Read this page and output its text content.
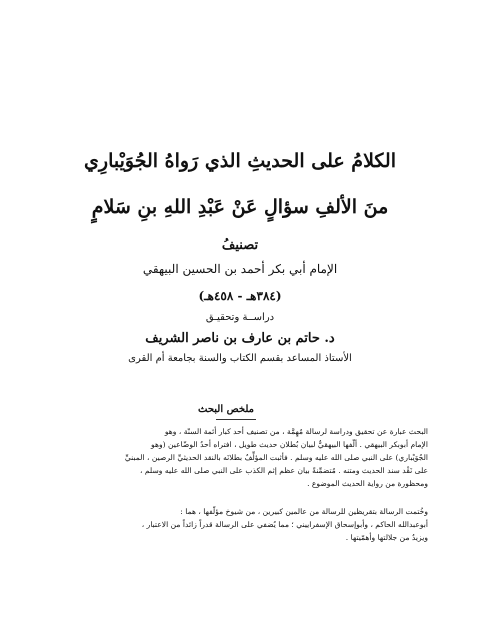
الكلامُ على الحديثِ الذي رَواهُ الجُوَيْبارِي
منَ الألفِ سؤالٍ عَنْ عَبْدِ اللهِ بنِ سَلامٍ
تصنيفُ
الإمام أبي بكر أحمد بن الحسين البيهقي
(٣٨٤هـ - ٤٥٨هـ)
دراســة وتحقيـق
د. حاتم بن عارف بن ناصر الشريف
الأستاذ المساعد بقسم الكتاب والسنة بجامعة أم القرى
ملخص البحث
البحث عبارة عن تحقيق ودراسة لرسالة مُهِمَّة ، من تصنيف أحد كبار أئمة السنّة ، وهو
الإمام أبوبكر البيهقي . ألّفها البيهقيُّ لبيان بُطلان حديث طويل ، افتراه أحدُ الوضّاعين (وهو
الجُوَيْباري) على النبي صلى الله عليه وسلم . فأثبت المؤلِّفُ بطلانَه بالنقد الحديثيِّ الرصين ، المبنيِّ
على نَقْد سند الحديث ومتنه . مُتضمِّنةً بيان عظم إثم الكذب على النبي صلى الله عليه وسلم ،
ومحظورة من رواية الحديث الموضوع .
وخُتمت الرسالة بتقريظين للرسالة من عالمين كبيرين ، من شيوخ مؤلّفها ، هما :
أبوعبدالله الحاكم ، وأبوإسحاق الإسفراييني ؛ مما يُضفي على الرسالة قدراً زائداً من الاعتبار ،
ويزيدُ من جلالتها وأهمّيتها .
